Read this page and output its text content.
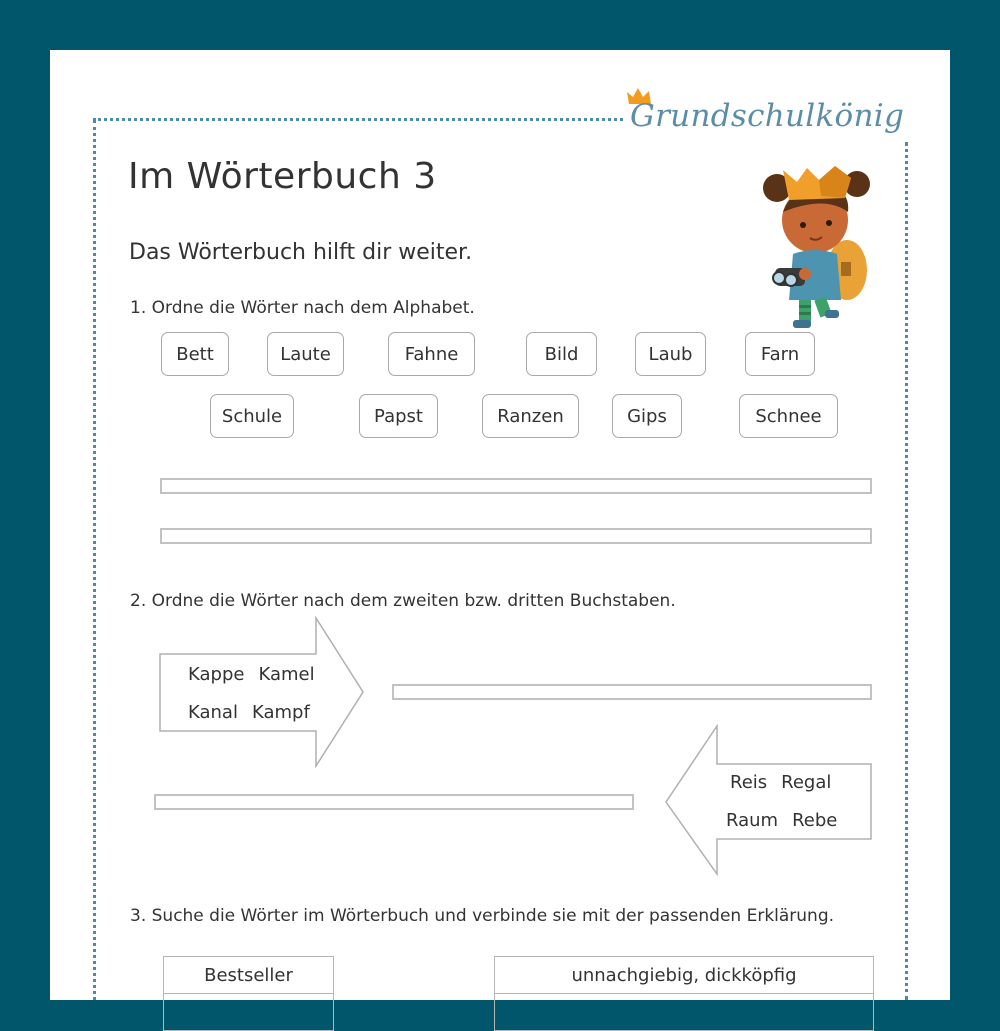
Grundschulkönig
Im Wörterbuch 3
Das Wörterbuch hilft dir weiter.
1. Ordne die Wörter nach dem Alphabet.
Bett	Laute	Fahne	Bild	Laub	Farn
Schule	Papst	Ranzen	Gips	Schnee
2. Ordne die Wörter nach dem zweiten bzw. dritten Buchstaben.
Kappe Kamel
Kanal Kampf
Reis Regal
Raum Rebe
3. Suche die Wörter im Wörterbuch und verbinde sie mit der passenden Erklärung.
Bestseller	unnachgiebig, dickköpfig
